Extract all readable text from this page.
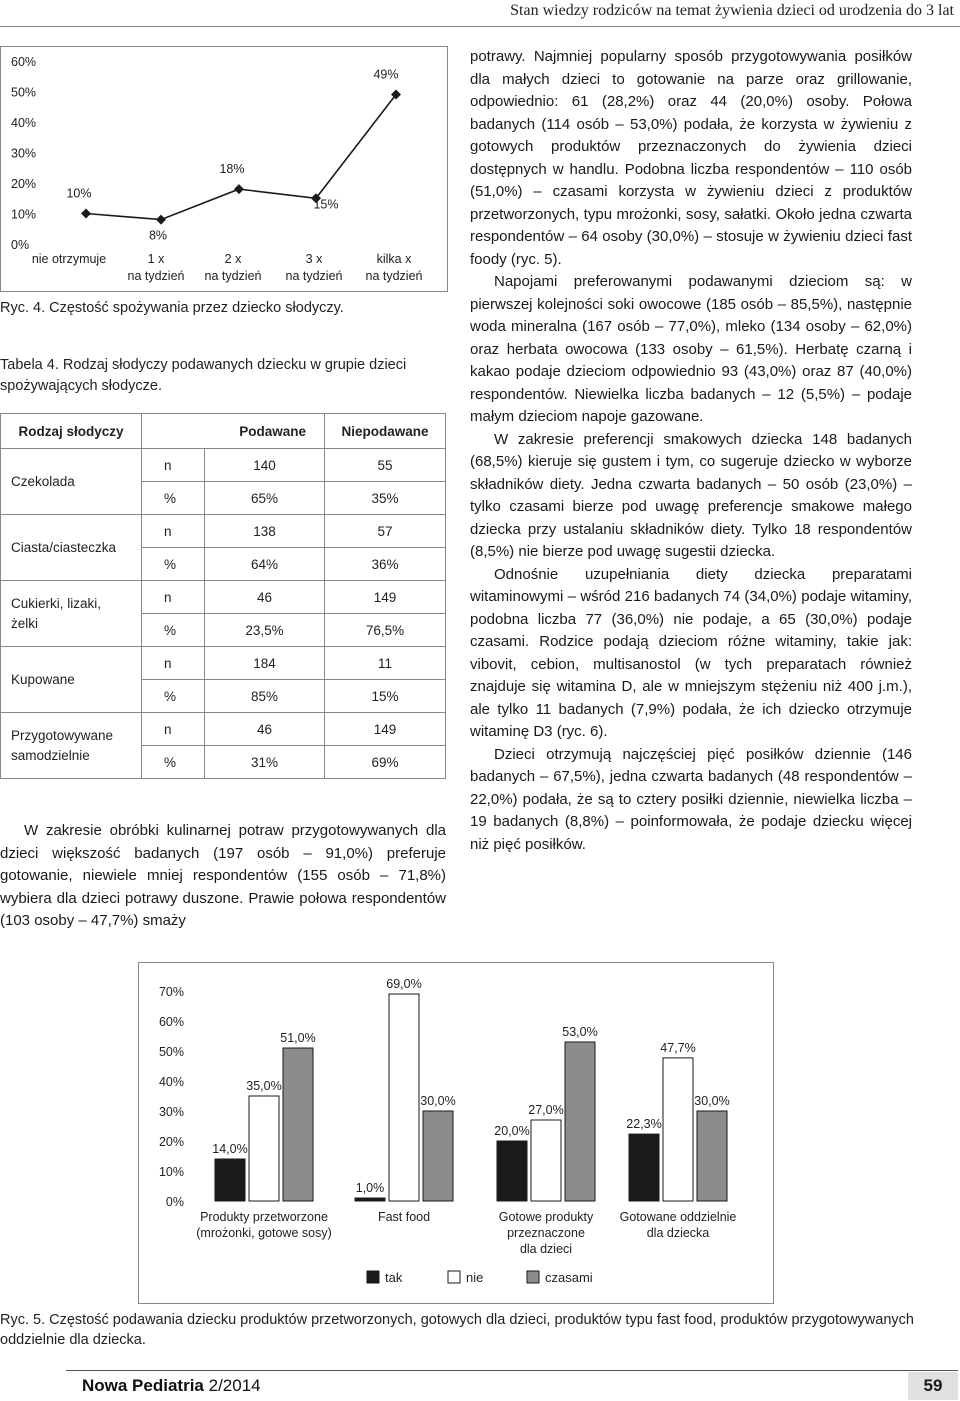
Stan wiedzy rodziców na temat żywienia dzieci od urodzenia do 3 lat
0%
10%
20%
30%
40%
50%
60%
10%
8%
18%
15%
49%
nie otrzymuje	1 x
na tydzień
2 x
na tydzień
3 x
na tydzień
kilka x
na tydzień
Ryc. 4. Częstość spożywania przez dziecko słodyczy.
Tabela 4. Rodzaj słodyczy podawanych dziecku w grupie dzieci spożywających słodycze.
Rodzaj słodyczy	Podawane		Niepodawane

Czekolada	n	140	55
	%	65%	35%

Ciasta/ciasteczka	n	138	57
	%	64%	36%

Cukierki, lizaki,
żelki	n	46	149
	%	23,5%	76,5%

Kupowane	n	184	11
	%	85%	15%

Przygotowywane
samodzielnie	n	46	149
	%	31%	69%

W zakresie obróbki kulinarnej potraw przygotowywanych dla dzieci większość badanych (197 osób – 91,0%) preferuje gotowanie, niewiele mniej respondentów (155 osób – 71,8%) wybiera dla dzieci potrawy duszone. Prawie połowa respondentów (103 osoby – 47,7%) smaży

potrawy. Najmniej popularny sposób przygotowywania posiłków dla małych dzieci to gotowanie na parze oraz grillowanie, odpowiednio: 61 (28,2%) oraz 44 (20,0%) osoby. Połowa badanych (114 osób – 53,0%) podała, że korzysta w żywieniu z gotowych produktów przeznaczonych do żywienia dzieci dostępnych w handlu. Podobna liczba respondentów – 110 osób (51,0%) – czasami korzysta w żywieniu dzieci z produktów przetworzonych, typu mrożonki, sosy, sałatki. Około jedna czwarta respondentów – 64 osoby (30,0%) – stosuje w żywieniu dzieci fast foody (ryc. 5).

Napojami preferowanymi podawanymi dzieciom są: w pierwszej kolejności soki owocowe (185 osób – 85,5%), następnie woda mineralna (167 osób – 77,0%), mleko (134 osoby – 62,0%) oraz herbata owocowa (133 osoby – 61,5%). Herbatę czarną i kakao podaje dzieciom odpowiednio 93 (43,0%) oraz 87 (40,0%) respondentów. Niewielka liczba badanych – 12 (5,5%) – podaje małym dzieciom napoje gazowane.

W zakresie preferencji smakowych dziecka 148 badanych (68,5%) kieruje się gustem i tym, co sugeruje dziecko w wyborze składników diety. Jedna czwarta badanych – 50 osób (23,0%) – tylko czasami bierze pod uwagę preferencje smakowe małego dziecka przy ustalaniu składników diety. Tylko 18 respondentów (8,5%) nie bierze pod uwagę sugestii dziecka.

Odnośnie uzupełniania diety dziecka preparatami witaminowymi – wśród 216 badanych 74 (34,0%) podaje witaminy, podobna liczba 77 (36,0%) nie podaje, a 65 (30,0%) podaje czasami. Rodzice podają dzieciom różne witaminy, takie jak: vibovit, cebion, multisanostol (w tych preparatach również znajduje się witamina D, ale w mniejszym stężeniu niż 400 j.m.), ale tylko 11 badanych (7,9%) podała, że ich dziecko otrzymuje witaminę D3 (ryc. 6).

Dzieci otrzymują najczęściej pięć posiłków dziennie (146 badanych – 67,5%), jedna czwarta badanych (48 respondentów – 22,0%) podała, że są to cztery posiłki dziennie, niewielka liczba – 19 badanych (8,8%) – poinformowała, że podaje dziecku więcej niż pięć posiłków.

0%
10%
20%
30%
40%
50%
60%
70%
14,0%
1,0%
20,0%	22,3%
35,0%
69,0%
27,0%
47,7%
51,0%
30,0%
53,0%
30,0%
Produkty przetworzone
(mrożonki, gotowe sosy)
Fast food	Gotowe produkty
przeznaczone
dla dzieci
Gotowane oddzielnie
dla dziecka
tak	nie	czasami
Ryc. 5. Częstość podawania dziecku produktów przetworzonych, gotowych dla dzieci, produktów typu fast food, produktów przygotowywanych oddzielnie dla dziecka.
Nowa Pediatria 2/2014	59
